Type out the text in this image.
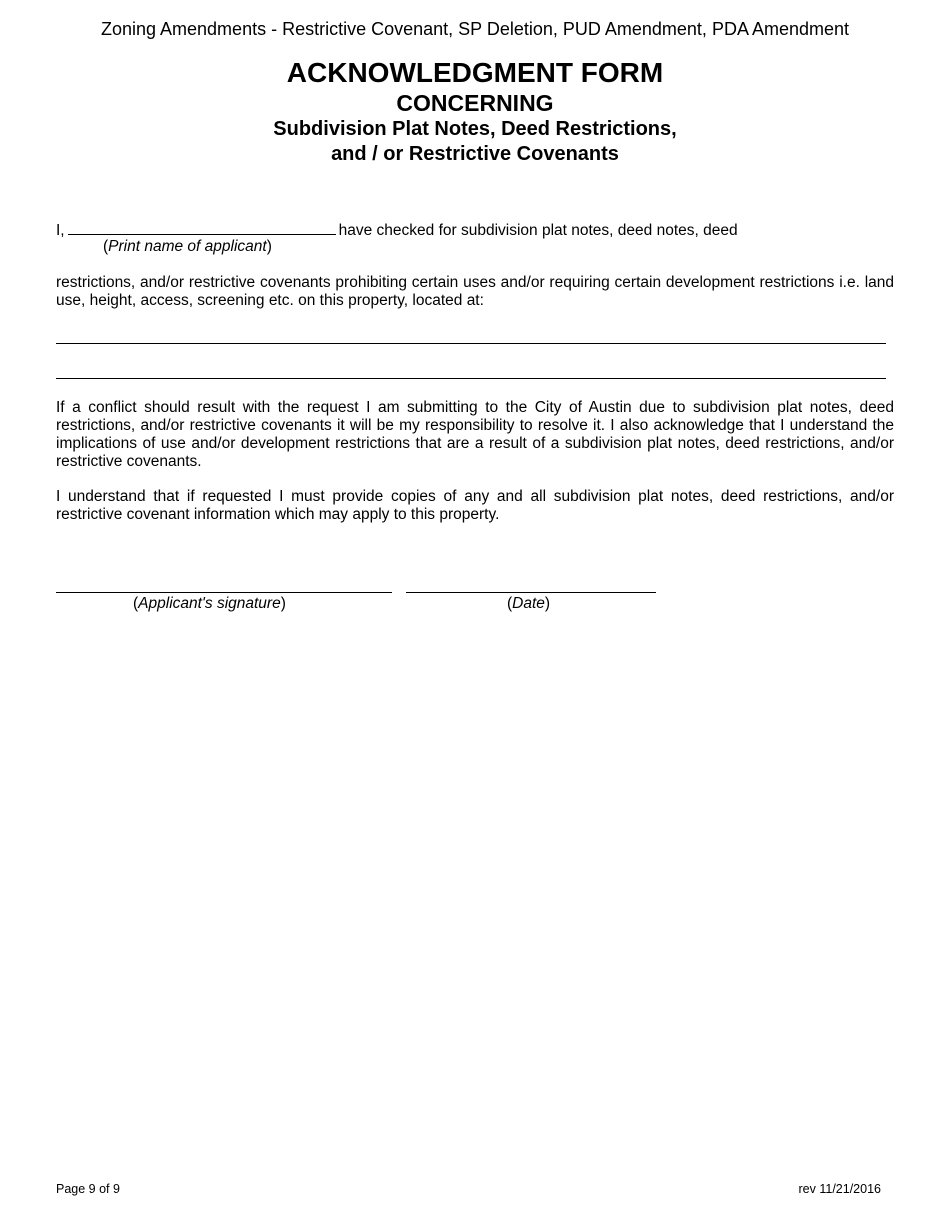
Zoning Amendments - Restrictive Covenant, SP Deletion, PUD Amendment, PDA Amendment
ACKNOWLEDGMENT FORM
CONCERNING
Subdivision Plat Notes, Deed Restrictions,
and / or Restrictive Covenants
I,	have checked for subdivision plat notes, deed notes, deed
(Print name of applicant)
restrictions, and/or restrictive covenants prohibiting certain uses and/or requiring certain development restrictions i.e. land use, height, access, screening etc. on this property, located at:
If a conflict should result with the request I am submitting to the City of Austin due to subdivision plat notes, deed restrictions, and/or restrictive covenants it will be my responsibility to resolve it. I also acknowledge that I understand the implications of use and/or development restrictions that are a result of a subdivision plat notes, deed restrictions, and/or restrictive covenants.
I understand that if requested I must provide copies of any and all subdivision plat notes, deed restrictions, and/or restrictive covenant information which may apply to this property.
(Applicant's signature)	(Date)
Page 9 of 9	rev 11/21/2016
